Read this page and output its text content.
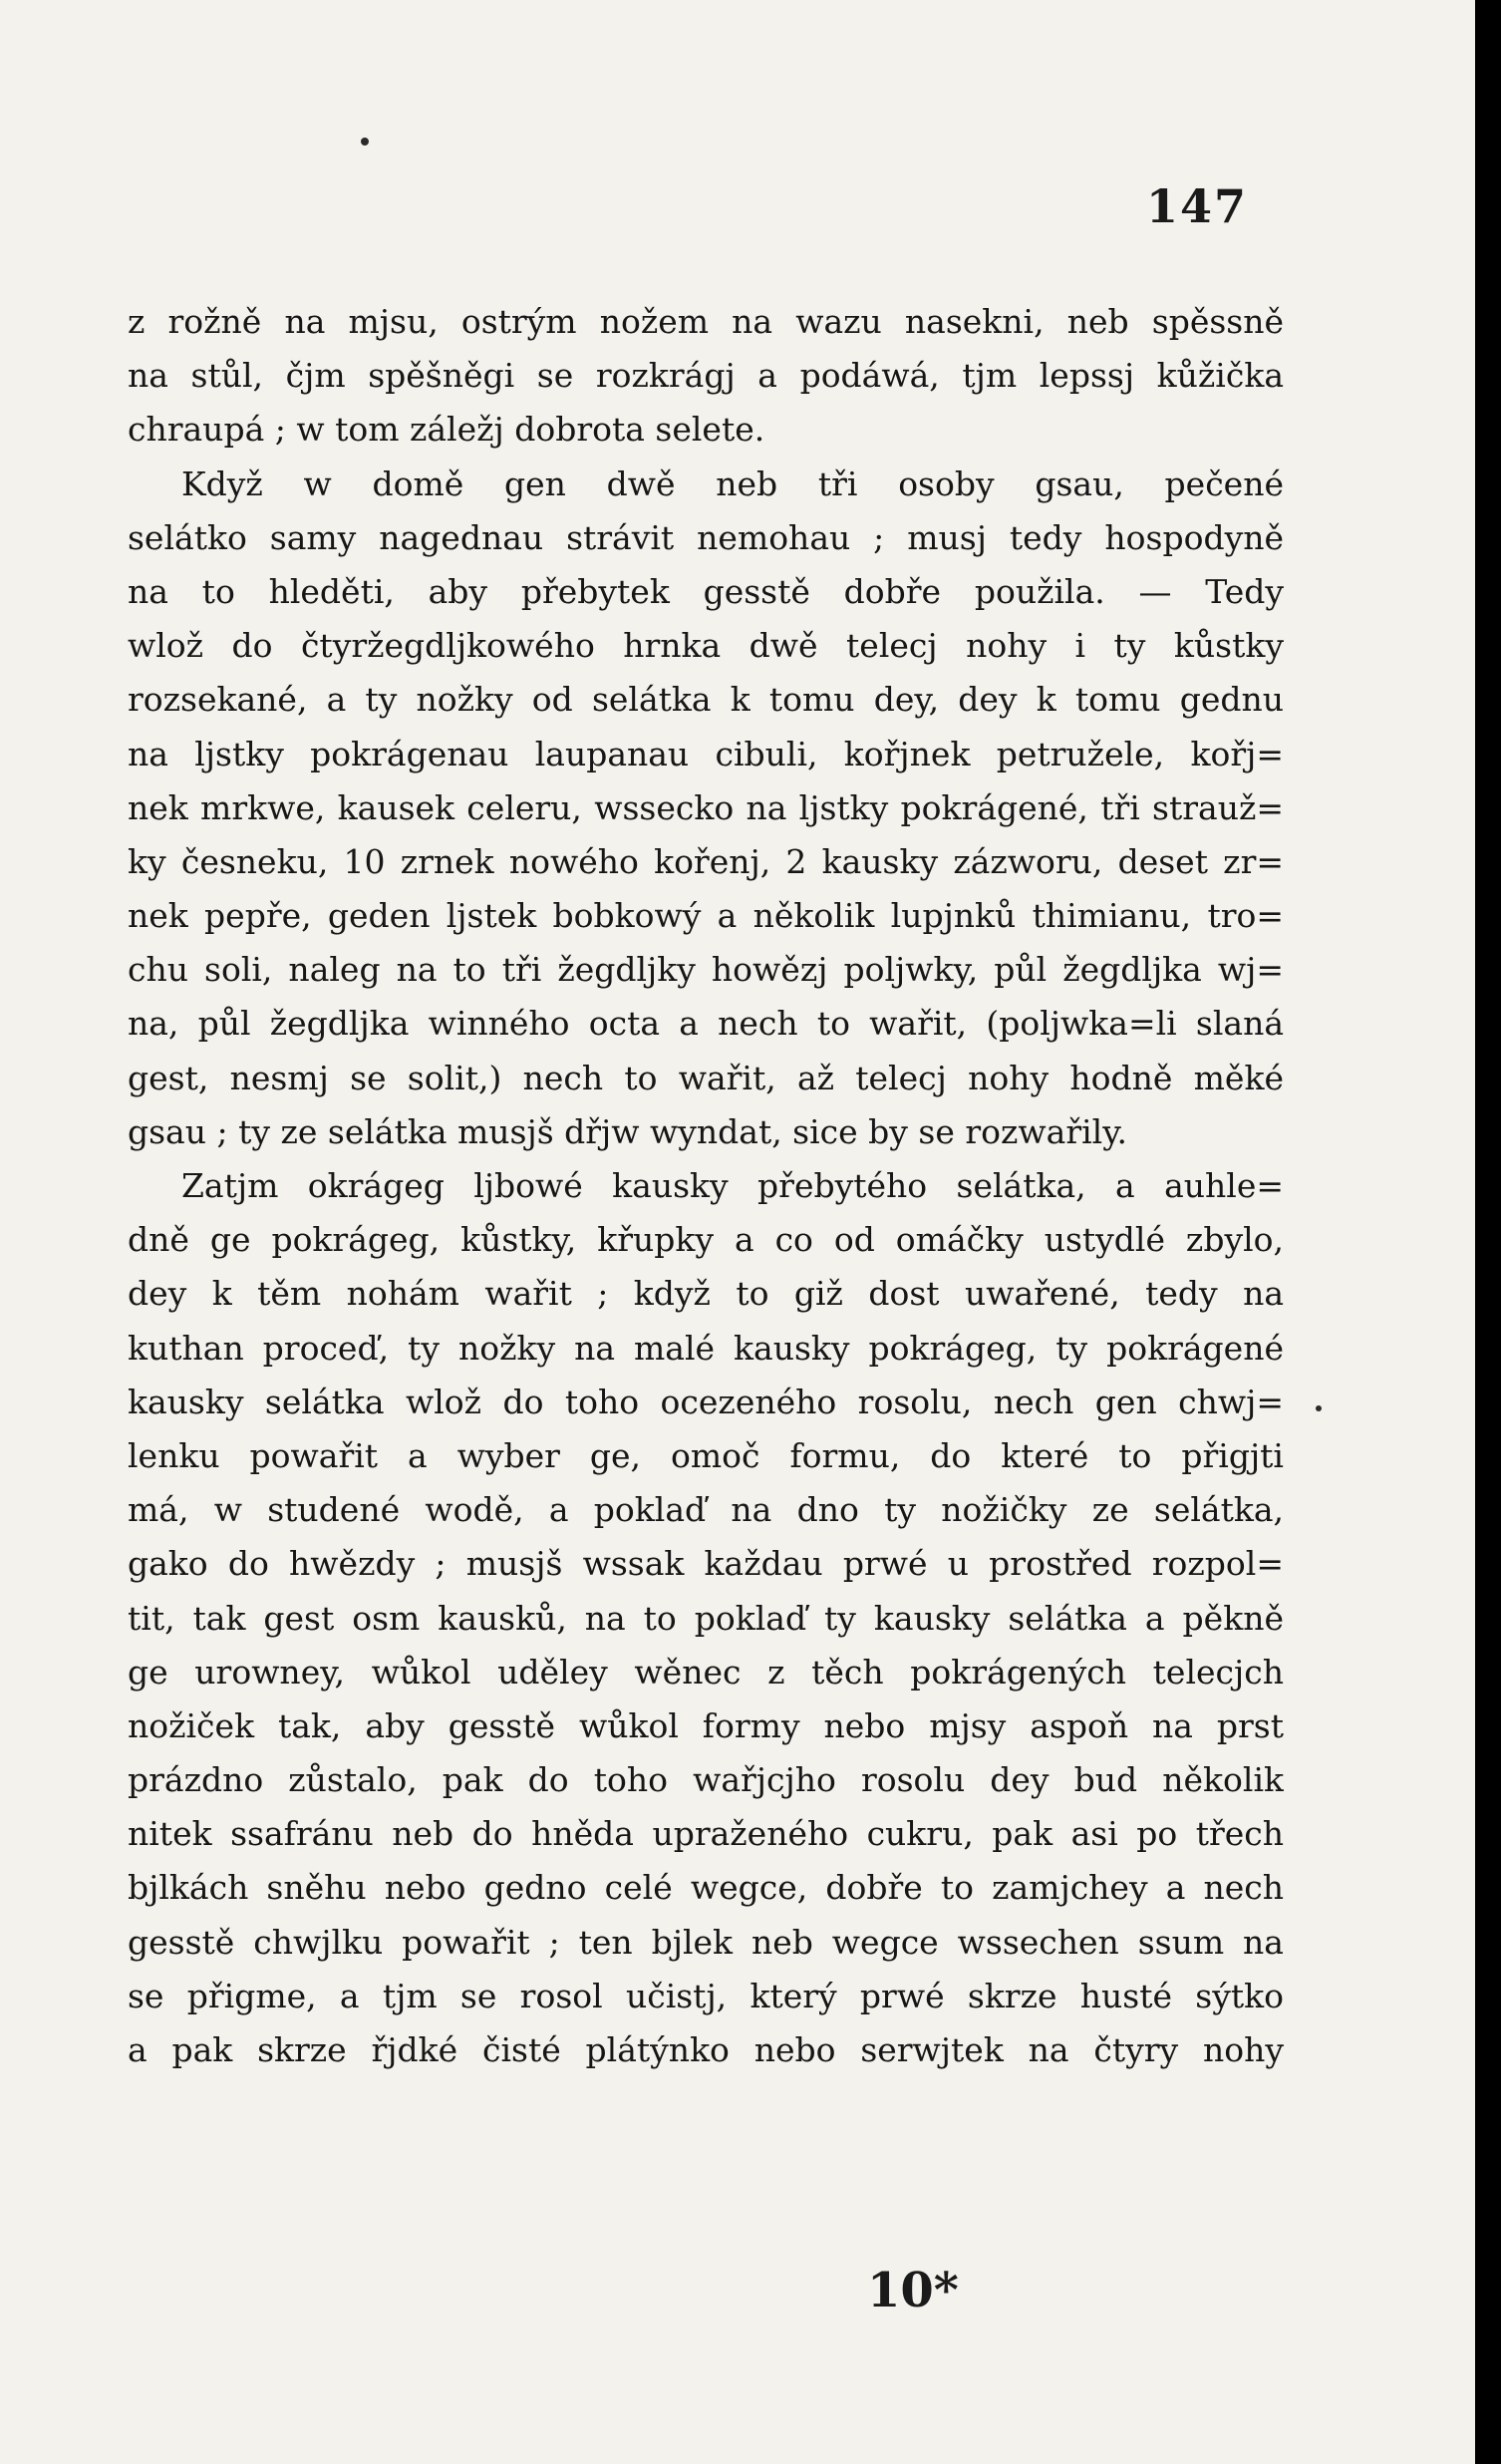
147
z rožně na mjsu, ostrým nožem na wazu nasekni, neb spěssně
na stůl, čjm spěšněgi se rozkrágj a podáwá, tjm lepssj kůžička
chraupá ; w tom záležj dobrota selete.
Když w domě gen dwě neb tři osoby gsau, pečené
selátko samy nagednau strávit nemohau ; musj tedy hospodyně
na to hleděti, aby přebytek gesstě dobře použila. — Tedy
wlož do čtyržegdljkowého hrnka dwě telecj nohy i ty kůstky
rozsekané, a ty nožky od selátka k tomu dey, dey k tomu gednu
na ljstky pokrágenau laupanau cibuli, kořjnek petružele, kořj=
nek mrkwe, kausek celeru, wssecko na ljstky pokrágené, tři strauž=
ky česneku, 10 zrnek nowého kořenj, 2 kausky zázworu, deset zr=
nek pepře, geden ljstek bobkowý a několik lupjnků thimianu, tro=
chu soli, naleg na to tři žegdljky howězj poljwky, půl žegdljka wj=
na, půl žegdljka winného octa a nech to wařit, (poljwka=li slaná
gest, nesmj se solit,) nech to wařit, až telecj nohy hodně měké
gsau ; ty ze selátka musjš dřjw wyndat, sice by se rozwařily.
Zatjm okrágeg ljbowé kausky přebytého selátka, a auhle=
dně ge pokrágeg, kůstky, křupky a co od omáčky ustydlé zbylo,
dey k těm nohám wařit ; když to giž dost uwařené, tedy na
kuthan proceď, ty nožky na malé kausky pokrágeg, ty pokrágené
kausky selátka wlož do toho ocezeného rosolu, nech gen chwj=
lenku powařit a wyber ge, omoč formu, do které to přigjti
má, w studené wodě, a poklaď na dno ty nožičky ze selátka,
gako do hwězdy ; musjš wssak každau prwé u prostřed rozpol=
tit, tak gest osm kausků, na to poklaď ty kausky selátka a pěkně
ge urowney, wůkol uděley wěnec z těch pokrágených telecjch
nožiček tak, aby gesstě wůkol formy nebo mjsy aspoň na prst
prázdno zůstalo, pak do toho wařjcjho rosolu dey bud několik
nitek ssafránu neb do hněda upraženého cukru, pak asi po třech
bjlkách sněhu nebo gedno celé wegce, dobře to zamjchey a nech
gesstě chwjlku powařit ; ten bjlek neb wegce wssechen ssum na
se přigme, a tjm se rosol učistj, který prwé skrze husté sýtko
a pak skrze řjdké čisté plátýnko nebo serwjtek na čtyry nohy
10*
